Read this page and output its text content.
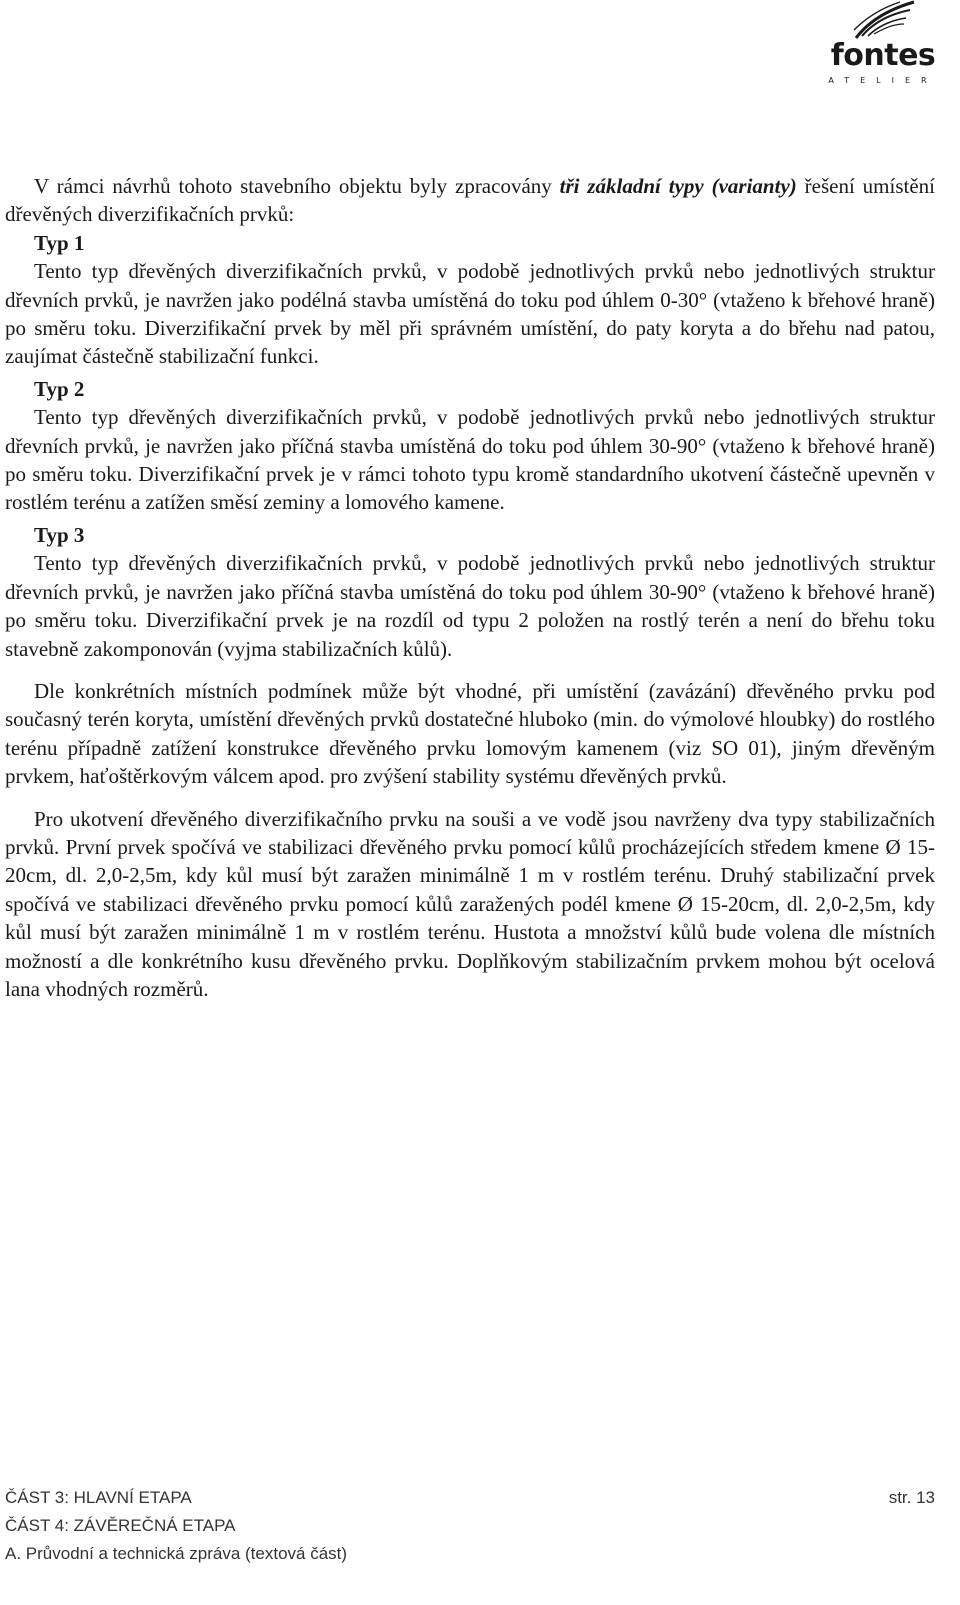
fontes
ATELIER

V rámci návrhů tohoto stavebního objektu byly zpracovány tři základní typy (varianty) řešení umístění dřevěných diverzifikačních prvků:

Typ 1

Tento typ dřevěných diverzifikačních prvků, v podobě jednotlivých prvků nebo jednotlivých struktur dřevních prvků, je navržen jako podélná stavba umístěná do toku pod úhlem 0-30° (vtaženo k břehové hraně) po směru toku. Diverzifikační prvek by měl při správném umístění, do paty koryta a do břehu nad patou, zaujímat částečně stabilizační funkci.

Typ 2

Tento typ dřevěných diverzifikačních prvků, v podobě jednotlivých prvků nebo jednotlivých struktur dřevních prvků, je navržen jako příčná stavba umístěná do toku pod úhlem 30-90° (vtaženo k břehové hraně) po směru toku. Diverzifikační prvek je v rámci tohoto typu kromě standardního ukotvení částečně upevněn v rostlém terénu a zatížen směsí zeminy a lomového kamene.

Typ 3

Tento typ dřevěných diverzifikačních prvků, v podobě jednotlivých prvků nebo jednotlivých struktur dřevních prvků, je navržen jako příčná stavba umístěná do toku pod úhlem 30-90° (vtaženo k břehové hraně) po směru toku. Diverzifikační prvek je na rozdíl od typu 2 položen na rostlý terén a není do břehu toku stavebně zakomponován (vyjma stabilizačních kůlů).

Dle konkrétních místních podmínek může být vhodné, při umístění (zavázání) dřevěného prvku pod současný terén koryta, umístění dřevěných prvků dostatečné hluboko (min. do výmolové hloubky) do rostlého terénu případně zatížení konstrukce dřevěného prvku lomovým kamenem (viz SO 01), jiným dřevěným prvkem, haťoštěrkovým válcem apod. pro zvýšení stability systému dřevěných prvků.

Pro ukotvení dřevěného diverzifikačního prvku na souši a ve vodě jsou navrženy dva typy stabilizačních prvků. První prvek spočívá ve stabilizaci dřevěného prvku pomocí kůlů procházejících středem kmene Ø 15-20cm, dl. 2,0-2,5m, kdy kůl musí být zaražen minimálně 1 m v rostlém terénu. Druhý stabilizační prvek spočívá ve stabilizaci dřevěného prvku pomocí kůlů zaražených podél kmene Ø 15-20cm, dl. 2,0-2,5m, kdy kůl musí být zaražen minimálně 1 m v rostlém terénu. Hustota a množství kůlů bude volena dle místních možností a dle konkrétního kusu dřevěného prvku. Doplňkovým stabilizačním prvkem mohou být ocelová lana vhodných rozměrů.

ČÁST 3: HLAVNÍ ETAPA	str. 13
ČÁST 4: ZÁVĚREČNÁ ETAPA
A. Průvodní a technická zpráva (textová část)
